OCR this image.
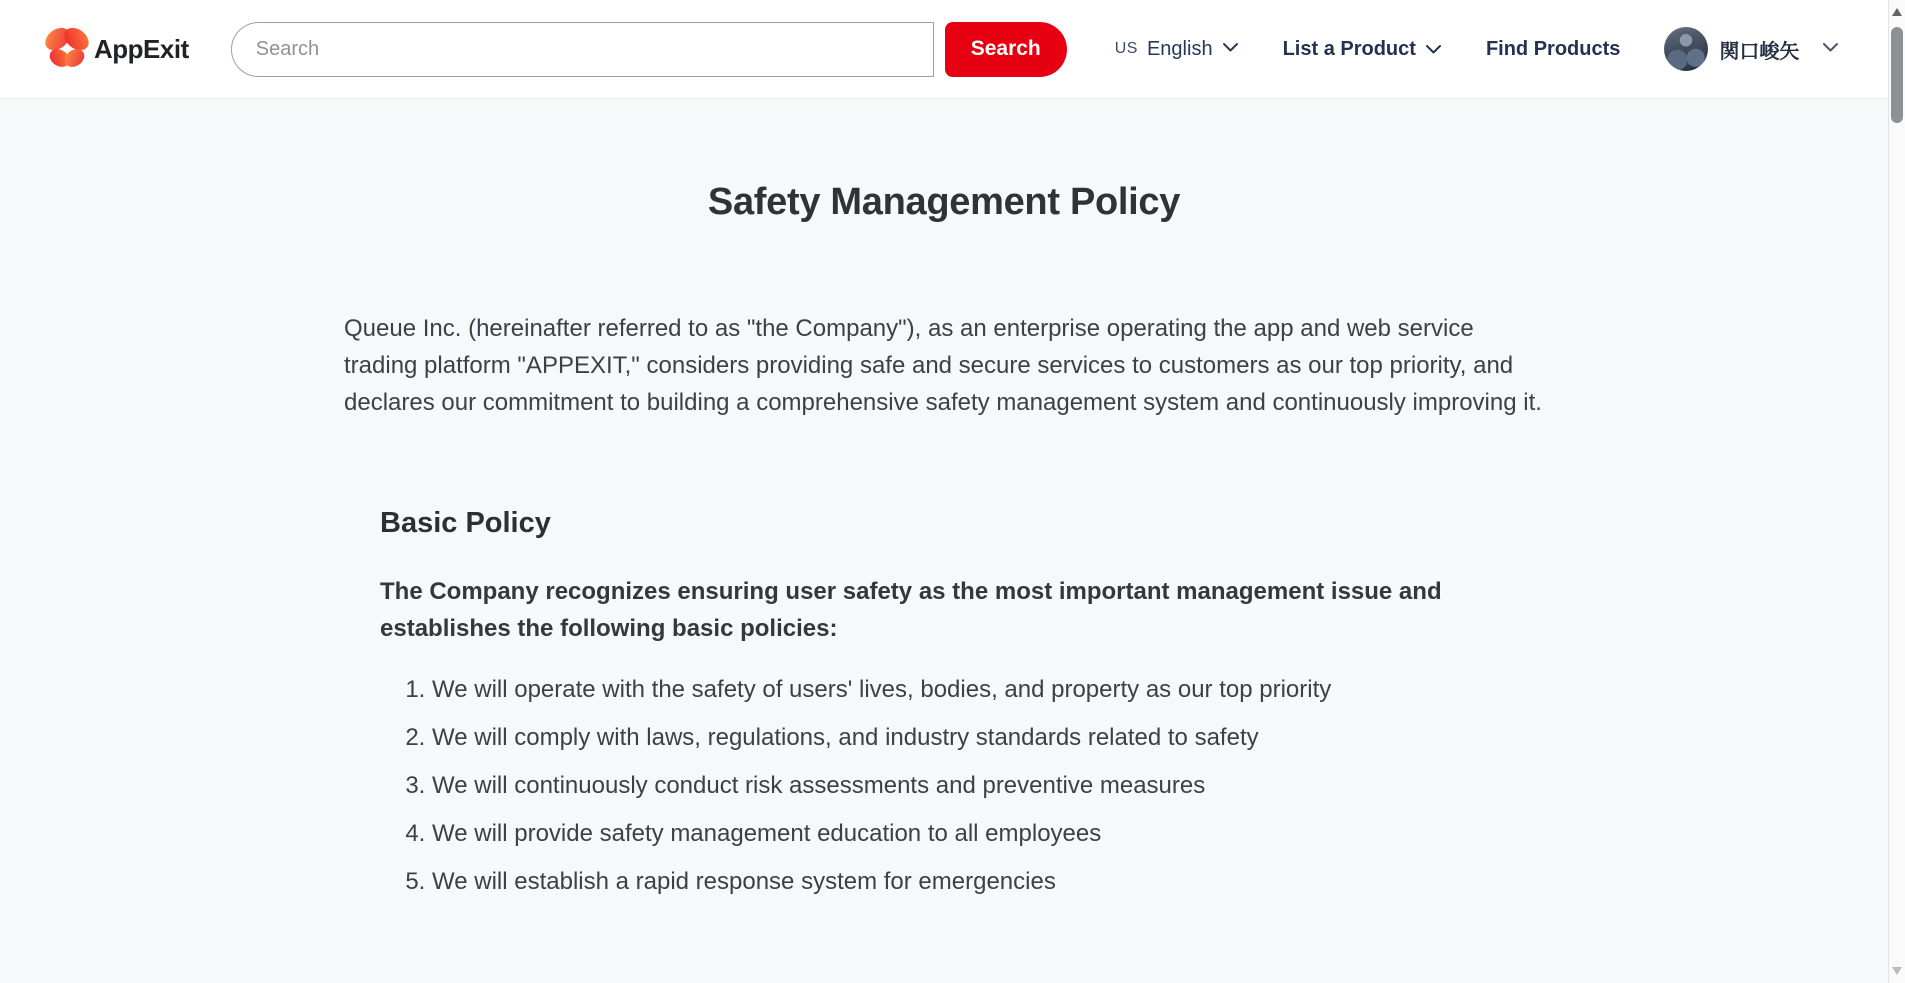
AppExit
Search	Search	US English	List a Product	Find Products	関口峻矢
Safety Management Policy

Queue Inc. (hereinafter referred to as "the Company"), as an enterprise operating the app and web service trading platform "APPEXIT," considers providing safe and secure services to customers as our top priority, and declares our commitment to building a comprehensive safety management system and continuously improving it.

Basic Policy

The Company recognizes ensuring user safety as the most important management issue and establishes the following basic policies:

1. We will operate with the safety of users' lives, bodies, and property as our top priority
2. We will comply with laws, regulations, and industry standards related to safety
3. We will continuously conduct risk assessments and preventive measures
4. We will provide safety management education to all employees
5. We will establish a rapid response system for emergencies
